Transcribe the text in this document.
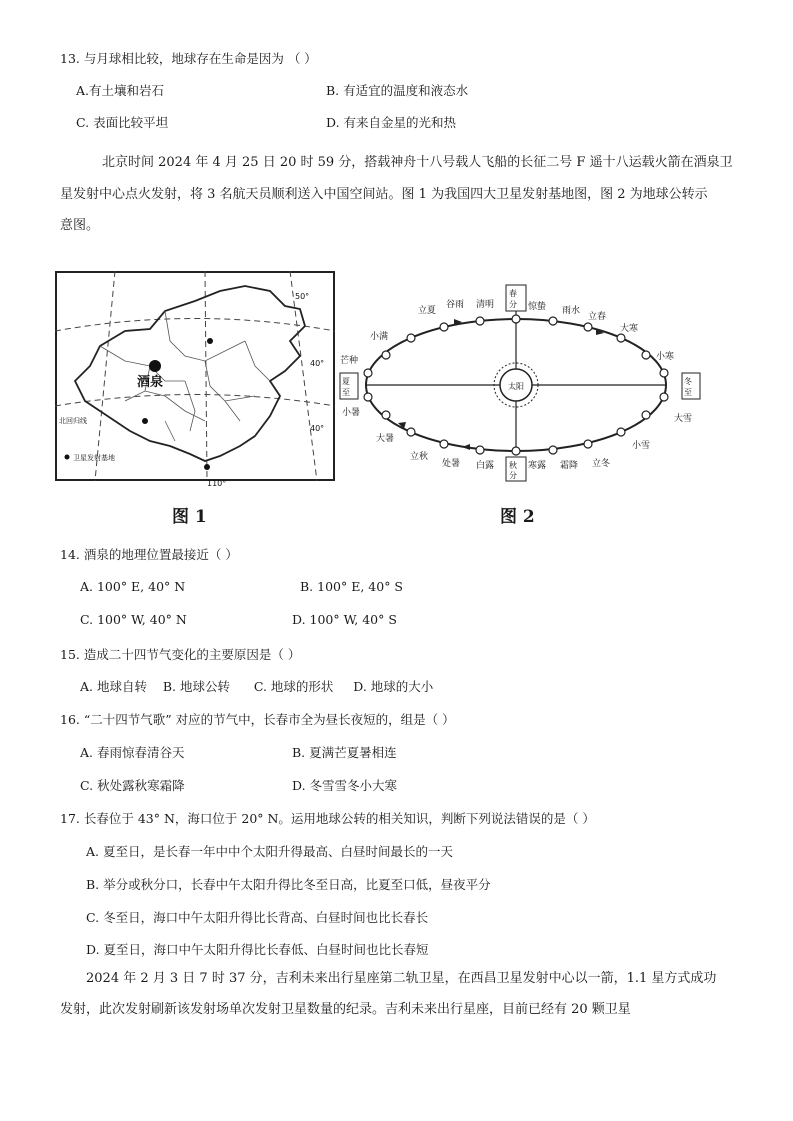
13. 与月球相比较，地球存在生命是因为 （ ）
A.有土壤和岩石	B. 有适宜的温度和液态水
C. 表面比较平坦	D. 有来自金星的光和热
北京时间 2024 年 4 月 25 日 20 时 59 分，搭载神舟十八号载人飞船的长征二号 F 遥十八运载火箭在酒泉卫
星发射中心点火发射，将 3 名航天员顺利送入中国空间站。图 1 为我国四大卫星发射基地图，图 2 为地球公转示
意图。
酒泉
北回归线
50°
40°
40°
卫星发射基地
110°
图 1
太阳
春
分
秋
分
夏
至
冬
至
立夏
谷雨 清明	惊蛰 雨水
立春
大寒
小寒
大雪
小雪
立冬
霜降
寒露
白露
处暑
立秋
大暑
小暑
芒种
小满
图 2
14. 酒泉的地理位置最接近（ ）
A. 100° E, 40° N	B. 100° E, 40° S
C. 100° W, 40° N	D. 100° W, 40° S
15. 造成二十四节气变化的主要原因是（ ）
A. 地球自转    B. 地球公转      C. 地球的形状     D. 地球的大小
16. “二十四节气歌” 对应的节气中，长春市全为昼长夜短的，组是（ ）
A. 春雨惊春清谷天	B. 夏满芒夏暑相连
C. 秋处露秋寒霜降	D. 冬雪雪冬小大寒
17. 长春位于 43° N，海口位于 20° N。运用地球公转的相关知识，判断下列说法错误的是（ ）
A. 夏至日，是长春一年中中个太阳升得最高、白昼时间最长的一天
B. 举分或秋分口，长春中午太阳升得比冬至日高，比夏至口低，昼夜平分
C. 冬至日，海口中午太阳升得比长背高、白昼时间也比长春长
D. 夏至日，海口中午太阳升得比长春低、白昼时间也比长春短
2024 年 2 月 3 日 7 时 37 分，吉利未来出行星座第二轨卫星，在西昌卫星发射中心以一箭，1.1 星方式成功
发射，此次发射刷新该发射场单次发射卫星数量的纪录。吉利未来出行星座，目前已经有 20 颗卫星
